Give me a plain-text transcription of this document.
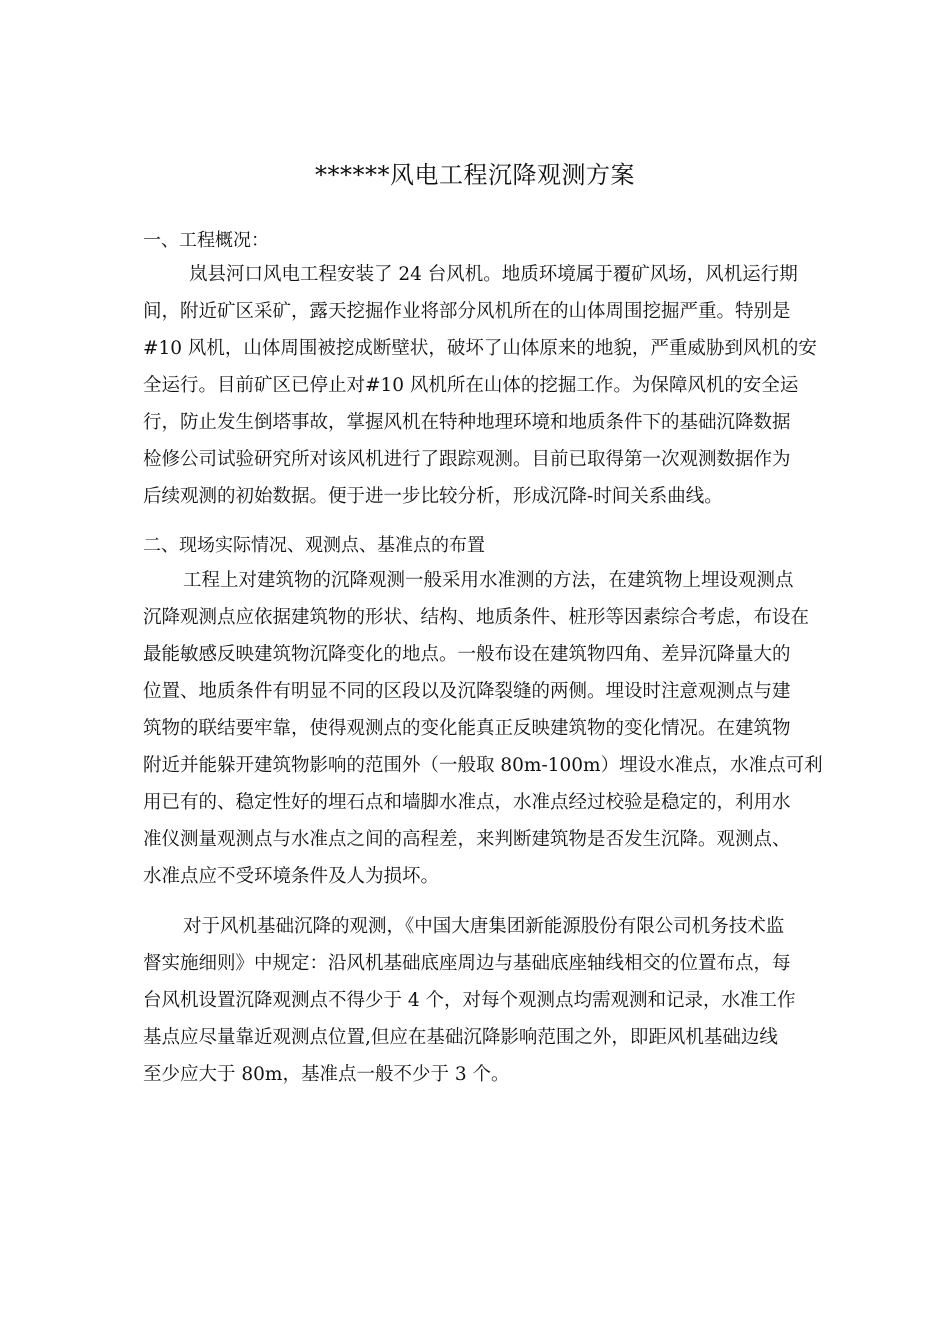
******风电工程沉降观测方案
一、工程概况：
岚县河口风电工程安装了 24 台风机。地质环境属于覆矿风场，风机运行期
间，附近矿区采矿，露天挖掘作业将部分风机所在的山体周围挖掘严重。特别是
#10 风机，山体周围被挖成断壁状，破坏了山体原来的地貌，严重威胁到风机的安
全运行。目前矿区已停止对#10 风机所在山体的挖掘工作。为保障风机的安全运
行，防止发生倒塔事故，掌握风机在特种地理环境和地质条件下的基础沉降数据
检修公司试验研究所对该风机进行了跟踪观测。目前已取得第一次观测数据作为
后续观测的初始数据。便于进一步比较分析，形成沉降-时间关系曲线。
二、现场实际情况、观测点、基准点的布置
工程上对建筑物的沉降观测一般采用水准测的方法，在建筑物上埋设观测点
沉降观测点应依据建筑物的形状、结构、地质条件、桩形等因素综合考虑，布设在
最能敏感反映建筑物沉降变化的地点。一般布设在建筑物四角、差异沉降量大的
位置、地质条件有明显不同的区段以及沉降裂缝的两侧。埋设时注意观测点与建
筑物的联结要牢靠，使得观测点的变化能真正反映建筑物的变化情况。在建筑物
附近并能躲开建筑物影响的范围外（一般取 80m-100m）埋设水准点，水准点可利
用已有的、稳定性好的埋石点和墙脚水准点，水准点经过校验是稳定的，利用水
准仪测量观测点与水准点之间的高程差，来判断建筑物是否发生沉降。观测点、
水准点应不受环境条件及人为损坏。
对于风机基础沉降的观测，《中国大唐集团新能源股份有限公司机务技术监
督实施细则》中规定：沿风机基础底座周边与基础底座轴线相交的位置布点，每
台风机设置沉降观测点不得少于 4 个，对每个观测点均需观测和记录，水准工作
基点应尽量靠近观测点位置,但应在基础沉降影响范围之外，即距风机基础边线
至少应大于 80m，基准点一般不少于 3 个。
